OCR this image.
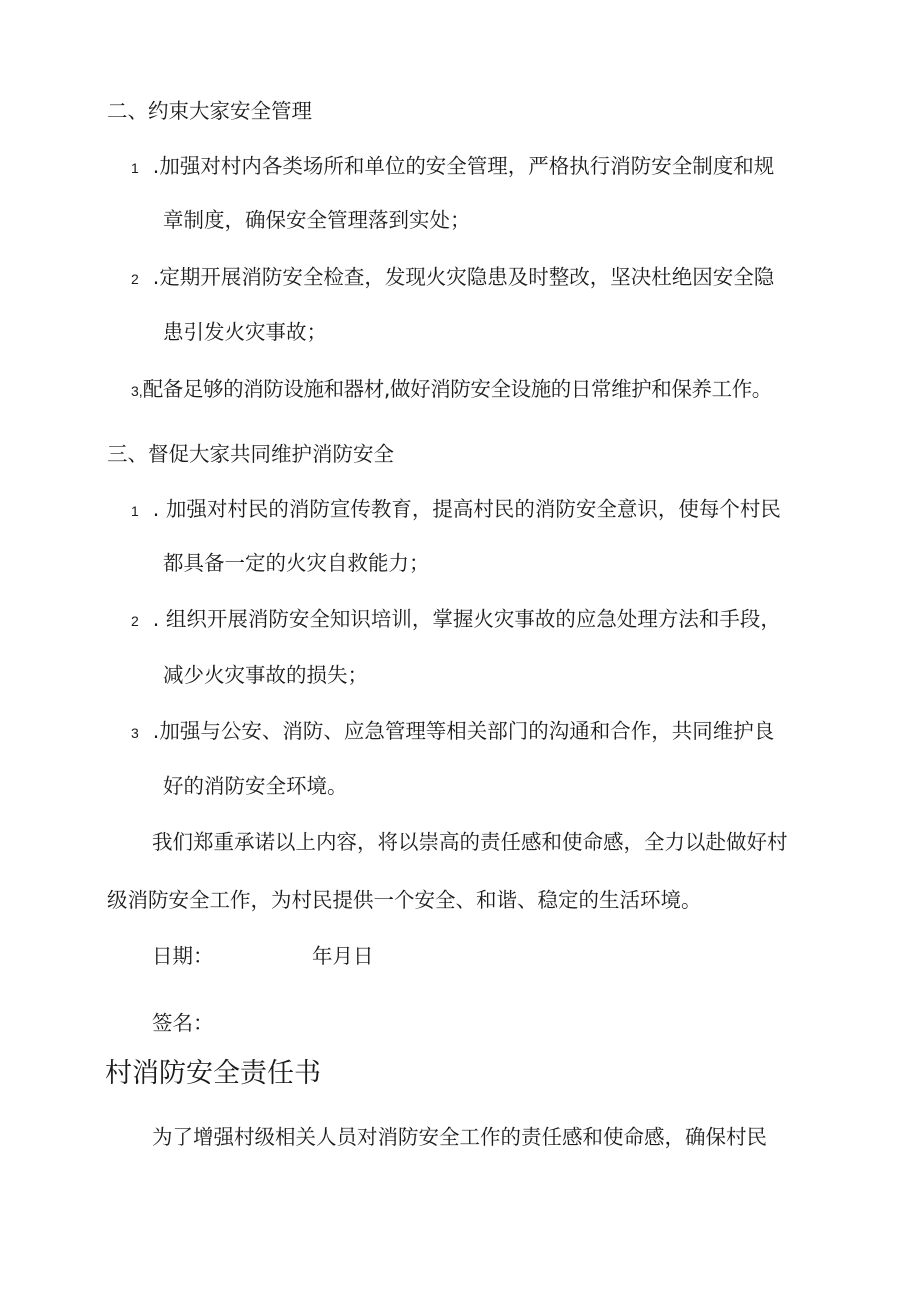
二、约束大家安全管理
1 .加强对村内各类场所和单位的安全管理，严格执行消防安全制度和规
章制度，确保安全管理落到实处；
2 .定期开展消防安全检查，发现火灾隐患及时整改，坚决杜绝因安全隐
患引发火灾事故；
3,配备足够的消防设施和器材,做好消防安全设施的日常维护和保养工作。
三、督促大家共同维护消防安全
1 . 加强对村民的消防宣传教育，提高村民的消防安全意识，使每个村民
都具备一定的火灾自救能力；
2 . 组织开展消防安全知识培训，掌握火灾事故的应急处理方法和手段，
减少火灾事故的损失；
3 .加强与公安、消防、应急管理等相关部门的沟通和合作，共同维护良
好的消防安全环境。
我们郑重承诺以上内容，将以崇高的责任感和使命感，全力以赴做好村
级消防安全工作，为村民提供一个安全、和谐、稳定的生活环境。
日期：	年月日
签名：
村消防安全责任书
为了增强村级相关人员对消防安全工作的责任感和使命感，确保村民
